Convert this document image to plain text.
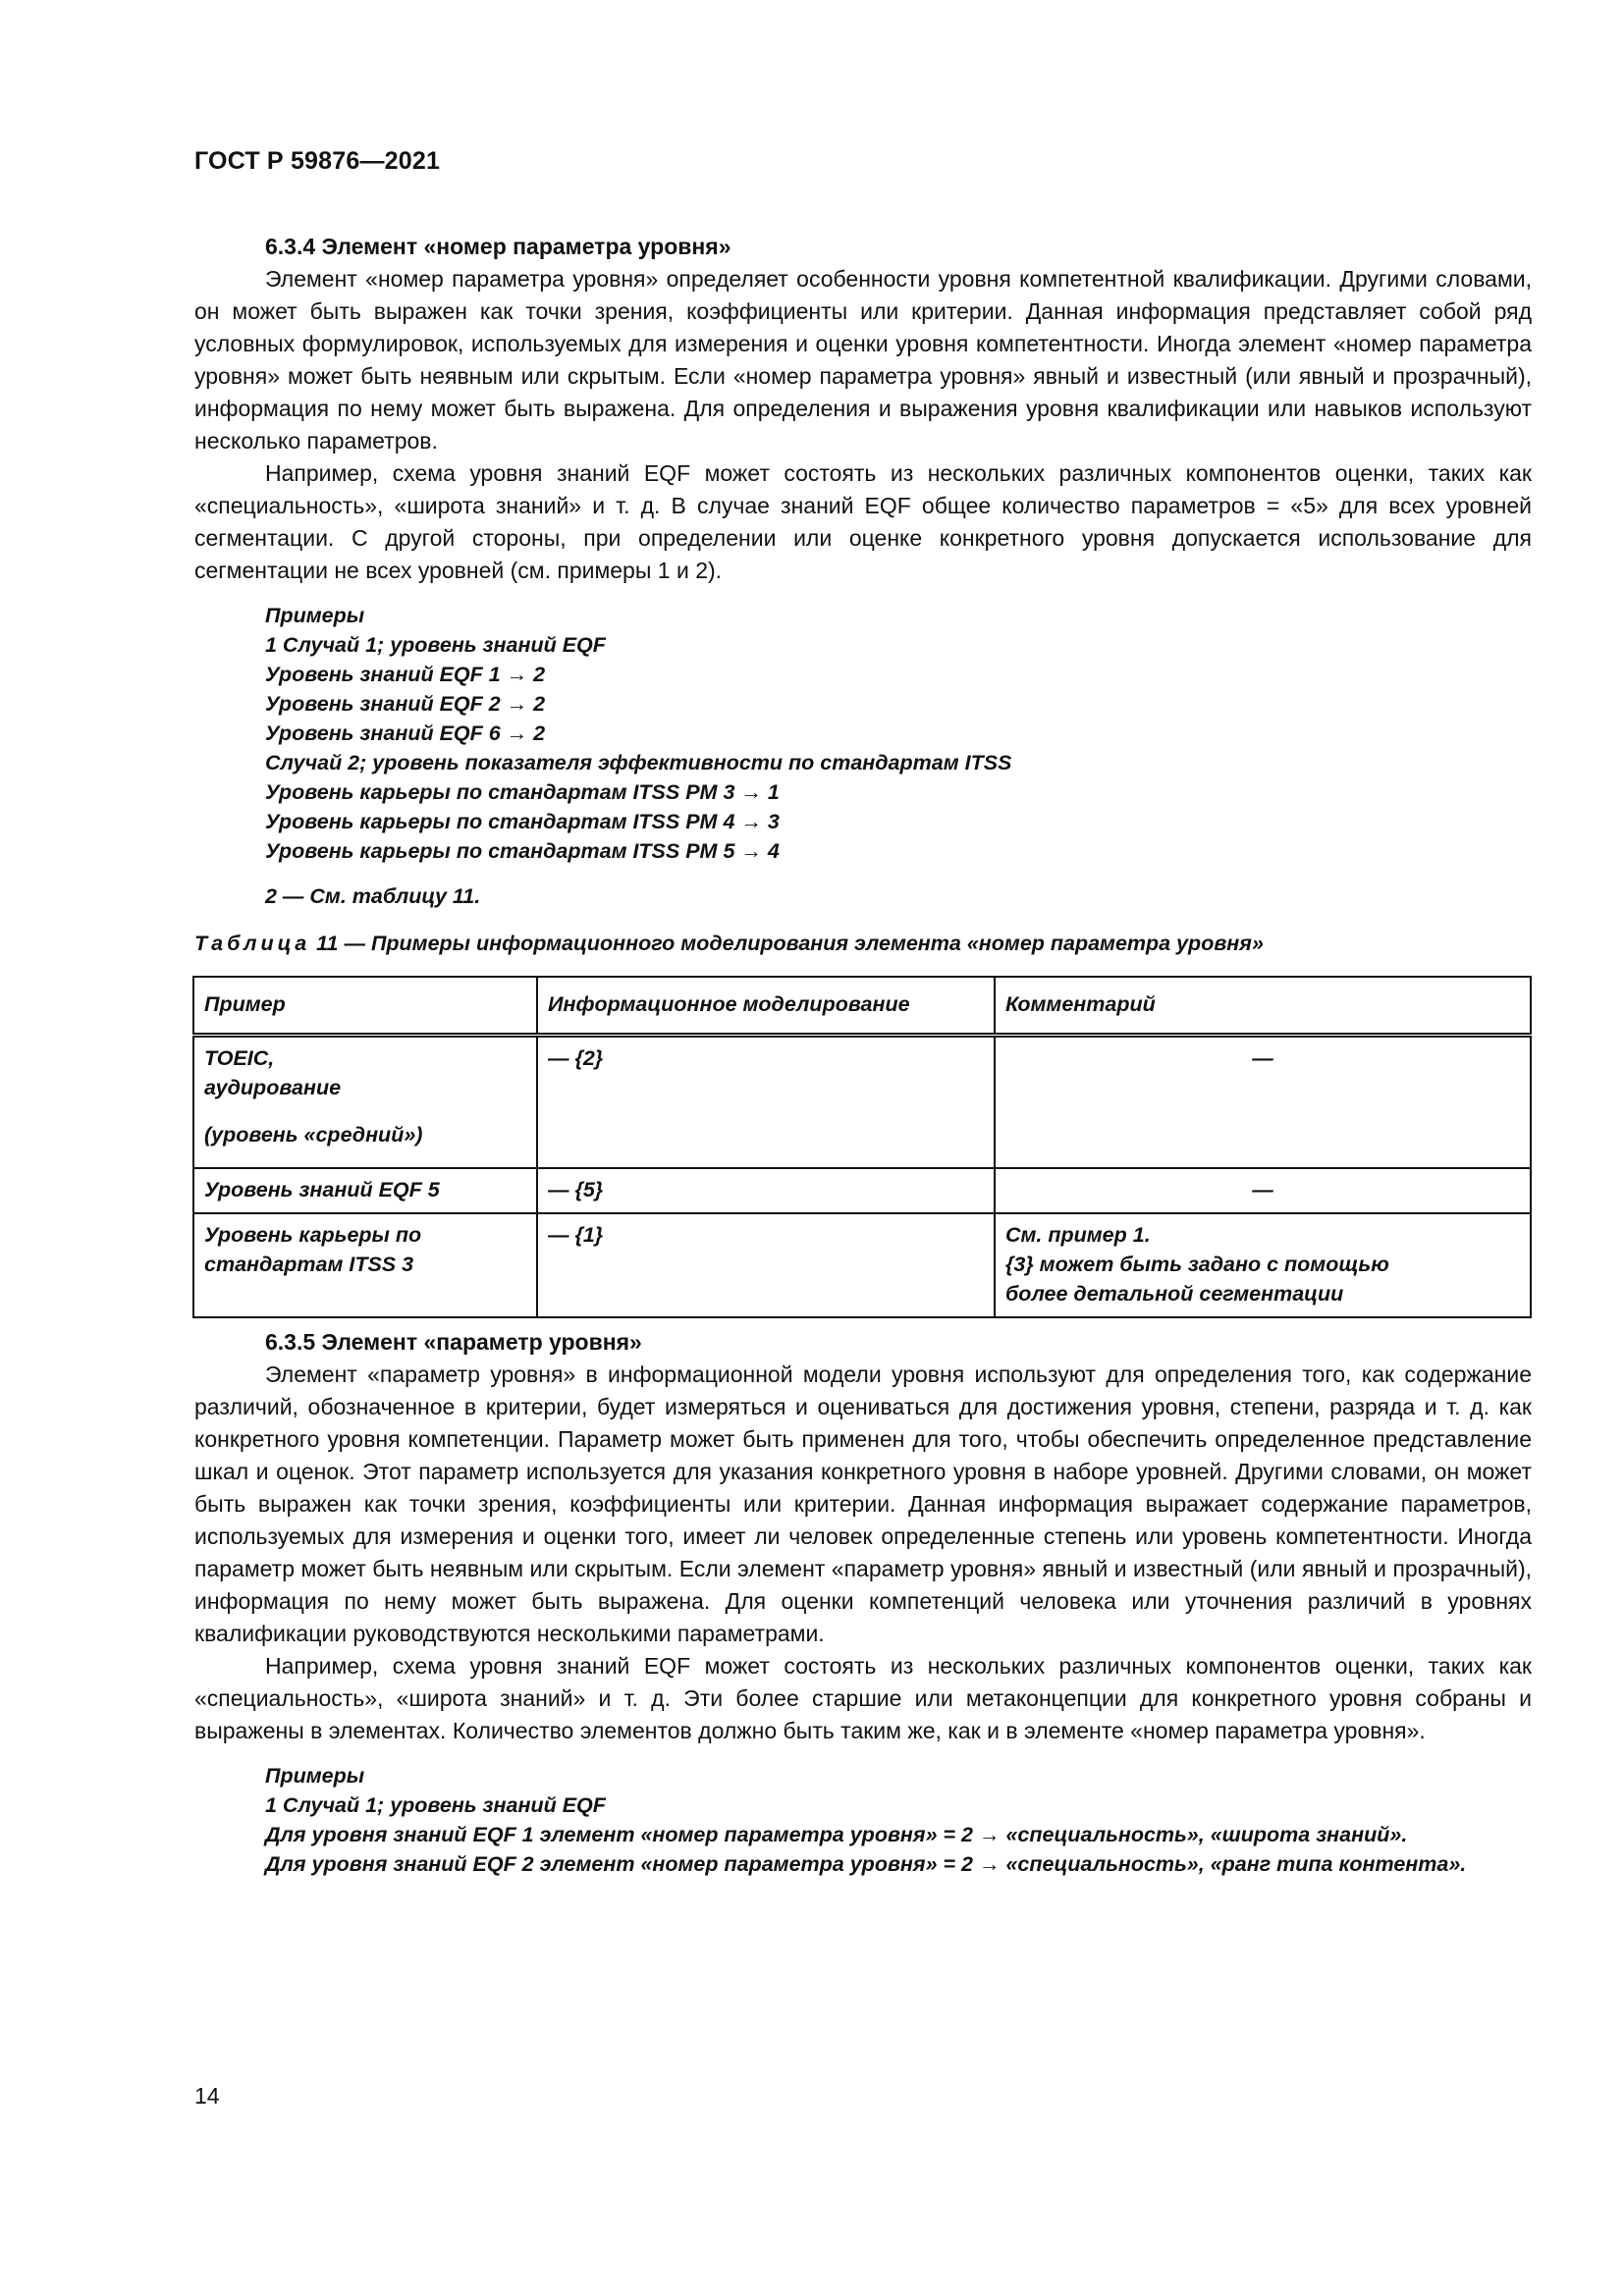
ГОСТ Р 59876—2021

6.3.4 Элемент «номер параметра уровня»

Элемент «номер параметра уровня» определяет особенности уровня компетентной квалификации. Другими словами, он может быть выражен как точки зрения, коэффициенты или критерии. Данная информация представляет собой ряд условных формулировок, используемых для измерения и оценки уровня компетентности. Иногда элемент «номер параметра уровня» может быть неявным или скрытым. Если «номер параметра уровня» явный и известный (или явный и прозрачный), информация по нему может быть выражена. Для определения и выражения уровня квалификации или навыков используют несколько параметров.

Например, схема уровня знаний EQF может состоять из нескольких различных компонентов оценки, таких как «специальность», «широта знаний» и т. д. В случае знаний EQF общее количество параметров = «5» для всех уровней сегментации. С другой стороны, при определении или оценке конкретного уровня допускается использование для сегментации не всех уровней (см. примеры 1 и 2).

Примеры

1 Случай 1; уровень знаний EQF

Уровень знаний EQF 1 → 2

Уровень знаний EQF 2 → 2

Уровень знаний EQF 6 → 2

Случай 2; уровень показателя эффективности по стандартам ITSS

Уровень карьеры по стандартам ITSS PM 3 → 1

Уровень карьеры по стандартам ITSS PM 4 → 3

Уровень карьеры по стандартам ITSS PM 5 → 4

2 — См. таблицу 11.

Таблица 11 — Примеры информационного моделирования элемента «номер параметра уровня»
Пример	Информационное моделирование	Комментарий

TOEIC,
аудирование
(уровень «средний»)	— {2}	—
Уровень знаний EQF 5	— {5}	—

Уровень карьеры по
стандартам ITSS 3
	— {1}	См. пример 1.
{3} может быть задано с помощью
более детальной сегментации

6.3.5 Элемент «параметр уровня»

Элемент «параметр уровня» в информационной модели уровня используют для определения того, как содержание различий, обозначенное в критерии, будет измеряться и оцениваться для достижения уровня, степени, разряда и т. д. как конкретного уровня компетенции. Параметр может быть применен для того, чтобы обеспечить определенное представление шкал и оценок. Этот параметр используется для указания конкретного уровня в наборе уровней. Другими словами, он может быть выражен как точки зрения, коэффициенты или критерии. Данная информация выражает содержание параметров, используемых для измерения и оценки того, имеет ли человек определенные степень или уровень компетентности. Иногда параметр может быть неявным или скрытым. Если элемент «параметр уровня» явный и известный (или явный и прозрачный), информация по нему может быть выражена. Для оценки компетенций человека или уточнения различий в уровнях квалификации руководствуются несколькими параметрами.

Например, схема уровня знаний EQF может состоять из нескольких различных компонентов оценки, таких как «специальность», «широта знаний» и т. д. Эти более старшие или метаконцепции для конкретного уровня собраны и выражены в элементах. Количество элементов должно быть таким же, как и в элементе «номер параметра уровня».

Примеры

1 Случай 1; уровень знаний EQF

Для уровня знаний EQF 1 элемент «номер параметра уровня» = 2 → «специальность», «широта знаний».

Для уровня знаний EQF 2 элемент «номер параметра уровня» = 2 → «специальность», «ранг типа контента».

14
